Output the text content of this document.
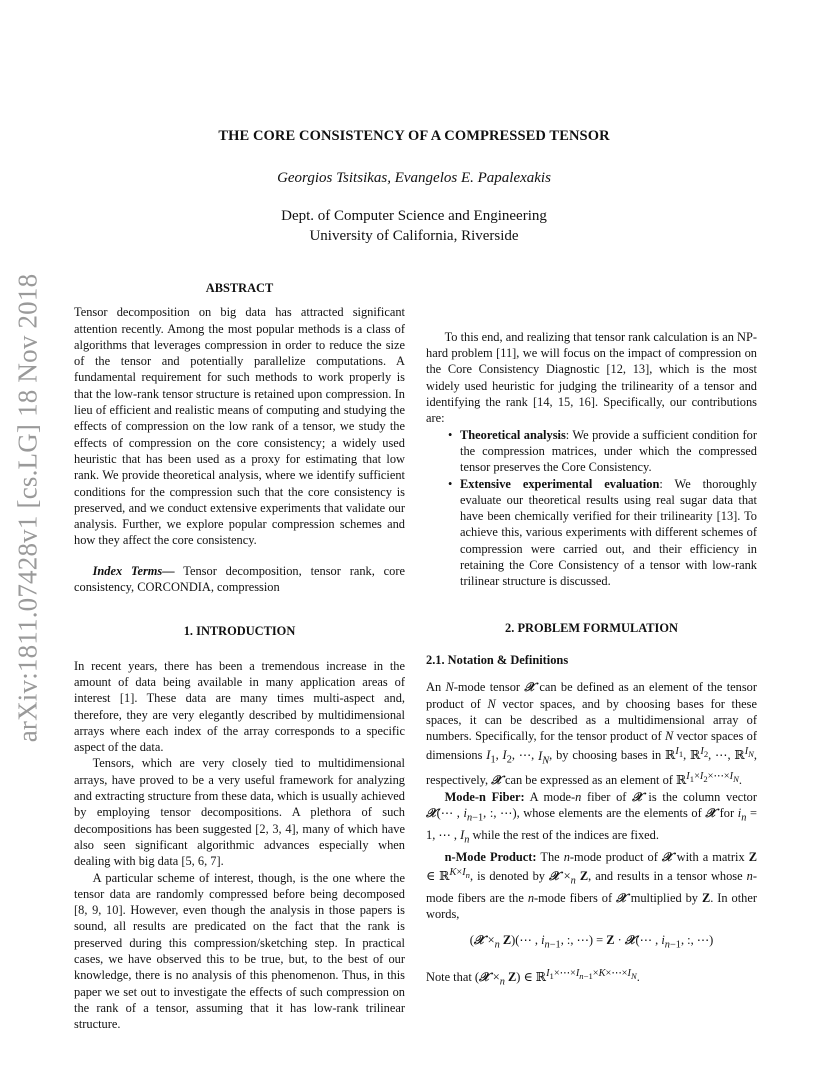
arXiv:1811.07428v1 [cs.LG] 18 Nov 2018
THE CORE CONSISTENCY OF A COMPRESSED TENSOR
Georgios Tsitsikas, Evangelos E. Papalexakis
Dept. of Computer Science and Engineering
University of California, Riverside
ABSTRACT

Tensor decomposition on big data has attracted significant attention recently. Among the most popular methods is a class of algorithms that leverages compression in order to reduce the size of the tensor and potentially parallelize computations. A fundamental requirement for such methods to work properly is that the low-rank tensor structure is retained upon compression. In lieu of efficient and realistic means of computing and studying the effects of compression on the low rank of a tensor, we study the effects of compression on the core consistency; a widely used heuristic that has been used as a proxy for estimating that low rank. We provide theoretical analysis, where we identify sufficient conditions for the compression such that the core consistency is preserved, and we conduct extensive experiments that validate our analysis. Further, we explore popular compression schemes and how they affect the core consistency.

Index Terms— Tensor decomposition, tensor rank, core consistency, CORCONDIA, compression

1. INTRODUCTION

In recent years, there has been a tremendous increase in the amount of data being available in many application areas of interest [1]. These data are many times multi-aspect and, therefore, they are very elegantly described by multidimensional arrays where each index of the array corresponds to a specific aspect of the data.

Tensors, which are very closely tied to multidimensional arrays, have proved to be a very useful framework for analyzing and extracting structure from these data, which is usually achieved by employing tensor decompositions. A plethora of such decompositions has been suggested [2, 3, 4], many of which have also seen significant algorithmic advances especially when dealing with big data [5, 6, 7].

A particular scheme of interest, though, is the one where the tensor data are randomly compressed before being decomposed [8, 9, 10]. However, even though the analysis in those papers is sound, all results are predicated on the fact that the rank is preserved during this compression/sketching step. In practical cases, we have observed this to be true, but, to the best of our knowledge, there is no analysis of this phenomenon. Thus, in this paper we set out to investigate the effects of such compression on the rank of a tensor, assuming that it has low-rank trilinear structure.

To this end, and realizing that tensor rank calculation is an NP-hard problem [11], we will focus on the impact of compression on the Core Consistency Diagnostic [12, 13], which is the most widely used heuristic for judging the trilinearity of a tensor and identifying the rank [14, 15, 16]. Specifically, our contributions are:

• Theoretical analysis: We provide a sufficient condition for the compression matrices, under which the compressed tensor preserves the Core Consistency.
• Extensive experimental evaluation: We thoroughly evaluate our theoretical results using real sugar data that have been chemically verified for their trilinearity [13]. To achieve this, various experiments with different schemes of compression were carried out, and their efficiency in retaining the Core Consistency of a tensor with low-rank trilinear structure is discussed.
2. PROBLEM FORMULATION
2.1. Notation & Definitions

An N-mode tensor 𝒳 can be defined as an element of the tensor product of N vector spaces, and by choosing bases for these spaces, it can be described as a multidimensional array of numbers. Specifically, for the tensor product of N vector spaces of dimensions $I_1$, $I_2$, ⋯, $I_N$, by choosing bases in ℝ$^{I_1}$, ℝ$^{I_2}$, ⋯, ℝ$^{I_N}$, respectively, 𝒳 can be expressed as an element of ℝ$^{I_1\times I_2\times\cdots\times I_N}$.

Mode-n Fiber: A mode-n fiber of 𝒳 is the column vector 𝒳(⋯ , $i_{n-1}$, :, ⋯), whose elements are the elements of 𝒳 for $i_n = 1$, ⋯ , $I_n$ while the rest of the indices are fixed.

n-Mode Product: The n-mode product of 𝒳 with a matrix Z ∈ ℝ$^{K\times I_n}$, is denoted by 𝒳 $\times_n$ Z, and results in a tensor whose n-mode fibers are the n-mode fibers of 𝒳 multiplied by Z. In other words,

(𝒳 $\times_n$ Z)(⋯ , $i_{n-1}$, :, ⋯) = Z · 𝒳(⋯ , $i_{n-1}$, :, ⋯)

Note that (𝒳 $\times_n$ Z) ∈ ℝ$^{I_1\times\cdots\times I_{n-1}\times K\times\cdots\times I_N}$.
